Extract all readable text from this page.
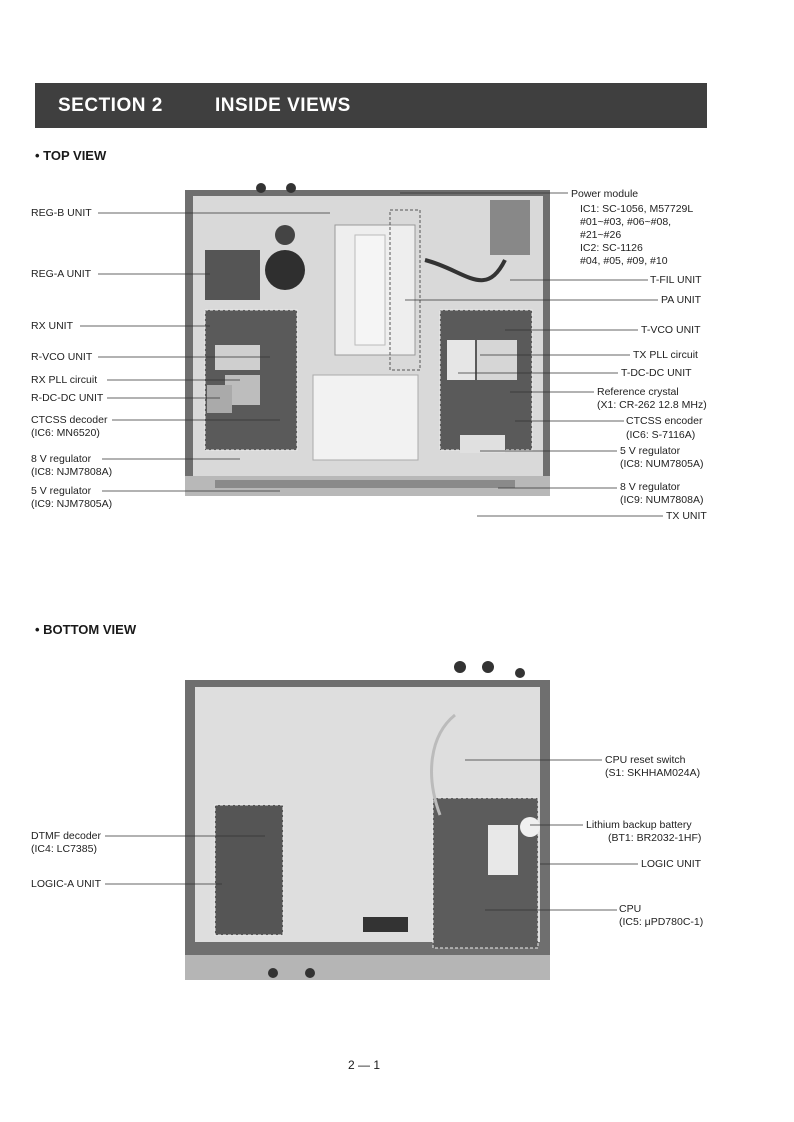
SECTION 2	INSIDE VIEWS
• TOP VIEW
REG-B UNIT
REG-A UNIT
RX UNIT
R-VCO UNIT
RX PLL circuit
R-DC-DC UNIT
CTCSS decoder
(IC6: MN6520)
8 V regulator
(IC8: NJM7808A)
5 V regulator
(IC9: NJM7805A)
Power module
IC1: SC-1056, M57729L
#01~#03, #06~#08,
#21~#26
IC2: SC-1126
#04, #05, #09, #10
T-FIL UNIT
PA UNIT
T-VCO UNIT
TX PLL circuit
T-DC-DC UNIT
Reference crystal
(X1: CR-262 12.8 MHz)
CTCSS encoder
(IC6: S-7116A)
5 V regulator
(IC8: NUM7805A)
8 V regulator
(IC9: NUM7808A)
TX UNIT
• BOTTOM VIEW
DTMF decoder
(IC4: LC7385)
LOGIC-A UNIT
CPU reset switch
(S1: SKHHAM024A)
Lithium backup battery
(BT1: BR2032-1HF)
LOGIC UNIT
CPU
(IC5: μPD780C-1)
2 — 1
